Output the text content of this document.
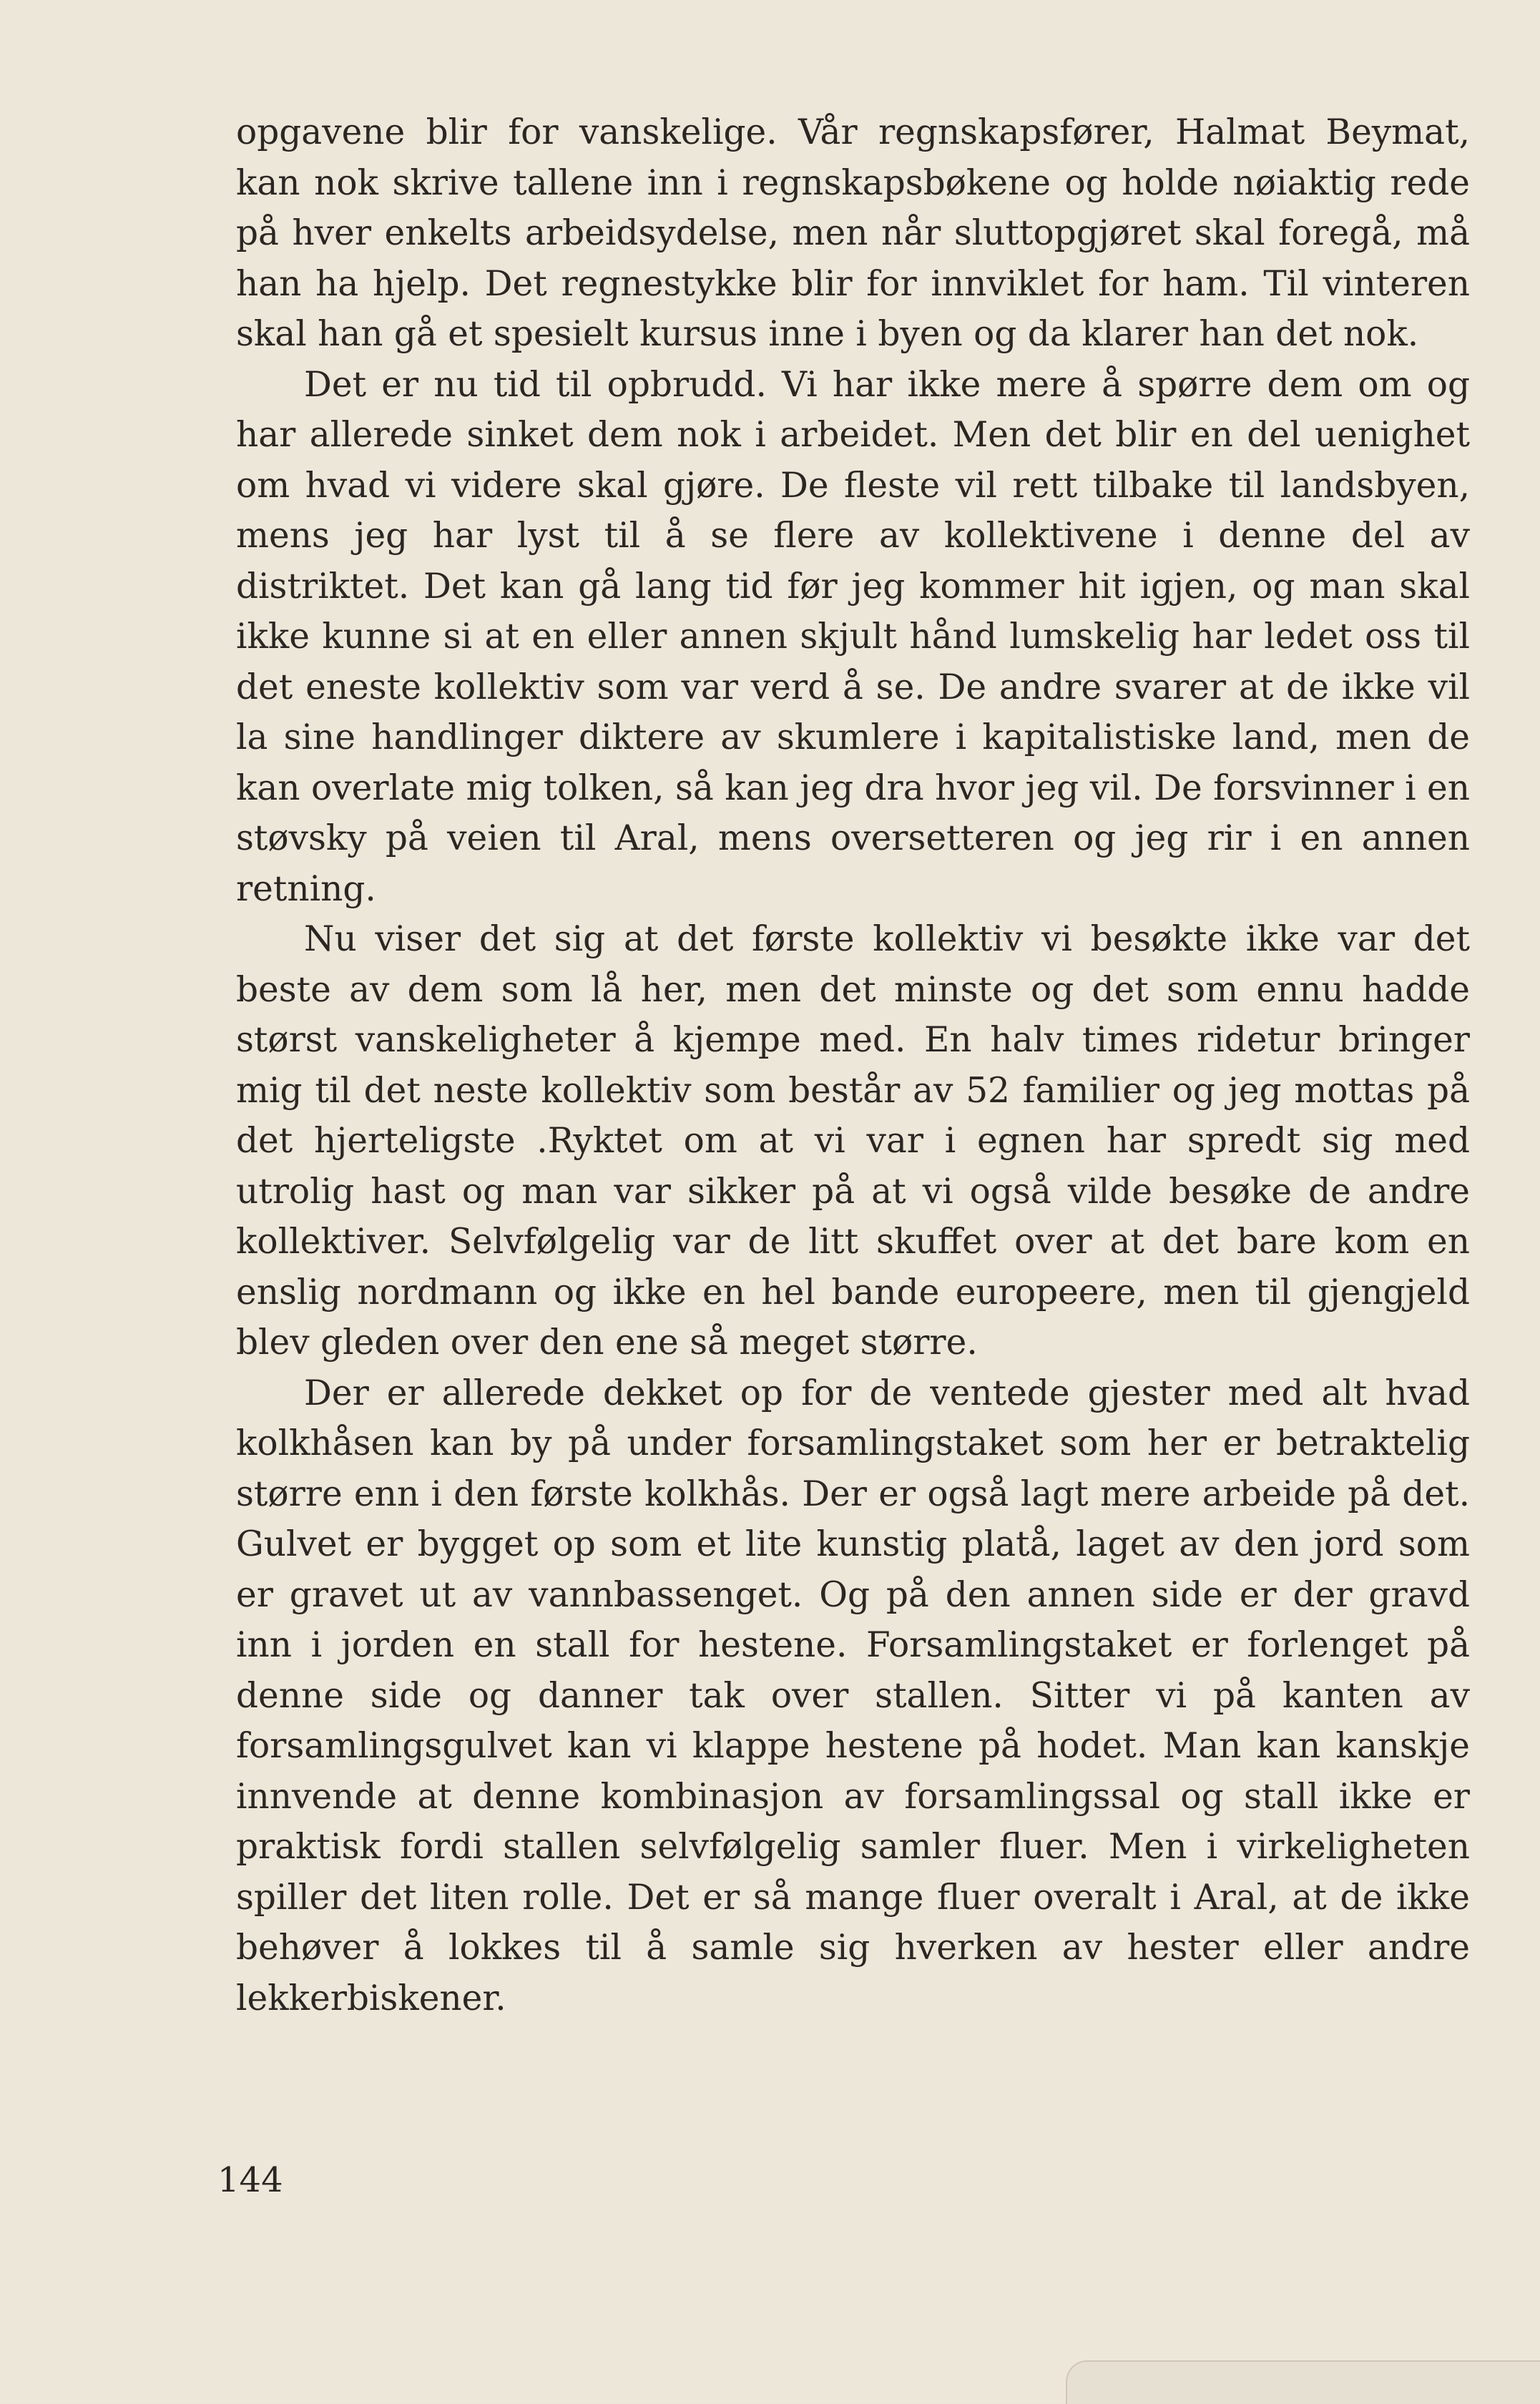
opgavene blir for vanskelige. Vår regnskapsfører, Halmat Beymat, kan nok skrive tallene inn i regnskapsbøkene og holde nøiaktig rede på hver enkelts arbeidsydelse, men når sluttopgjøret skal foregå, må han ha hjelp. Det regnestykke blir for innviklet for ham. Til vinteren skal han gå et spesielt kursus inne i byen og da klarer han det nok.

Det er nu tid til opbrudd. Vi har ikke mere å spørre dem om og har allerede sinket dem nok i arbeidet. Men det blir en del uenighet om hvad vi videre skal gjøre. De fleste vil rett tilbake til landsbyen, mens jeg har lyst til å se flere av kollektivene i denne del av distriktet. Det kan gå lang tid før jeg kommer hit igjen, og man skal ikke kunne si at en eller annen skjult hånd lumskelig har ledet oss til det eneste kollektiv som var verd å se. De andre svarer at de ikke vil la sine handlinger diktere av skumlere i kapitalistiske land, men de kan overlate mig tolken, så kan jeg dra hvor jeg vil. De forsvinner i en støvsky på veien til Aral, mens oversetteren og jeg rir i en annen retning.

Nu viser det sig at det første kollektiv vi besøkte ikke var det beste av dem som lå her, men det minste og det som ennu hadde størst vanskeligheter å kjempe med. En halv times ridetur bringer mig til det neste kollektiv som består av 52 familier og jeg mottas på det hjerteligste .Ryktet om at vi var i egnen har spredt sig med utrolig hast og man var sikker på at vi også vilde besøke de andre kollektiver. Selvfølgelig var de litt skuffet over at det bare kom en enslig nordmann og ikke en hel bande europeere, men til gjengjeld blev gleden over den ene så meget større.

Der er allerede dekket op for de ventede gjester med alt hvad kolkhåsen kan by på under forsamlingstaket som her er betraktelig større enn i den første kolkhås. Der er også lagt mere arbeide på det. Gulvet er bygget op som et lite kunstig platå, laget av den jord som er gravet ut av vannbassenget. Og på den annen side er der gravd inn i jorden en stall for hestene. Forsamlingstaket er forlenget på denne side og danner tak over stallen. Sitter vi på kanten av forsamlingsgulvet kan vi klappe hestene på hodet. Man kan kanskje innvende at denne kombinasjon av forsamlingssal og stall ikke er praktisk fordi stallen selvfølgelig samler fluer. Men i virkeligheten spiller det liten rolle. Det er så mange fluer overalt i Aral, at de ikke behøver å lokkes til å samle sig hverken av hester eller andre lekkerbiskener.

144
